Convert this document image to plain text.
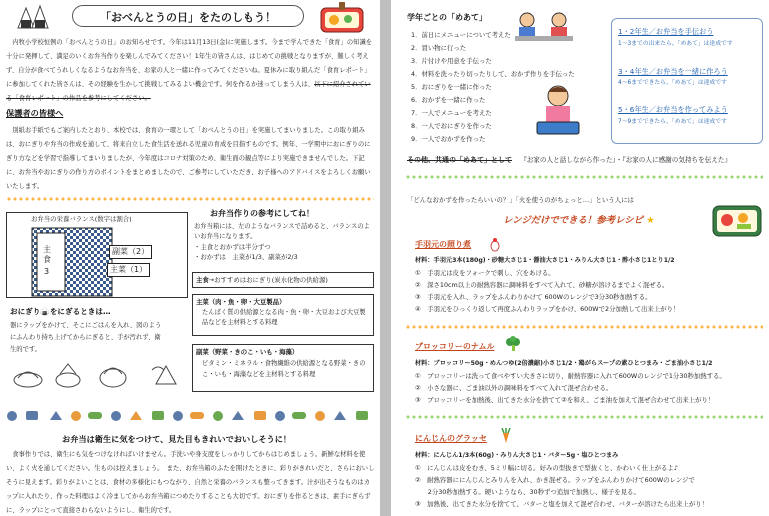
「おべんとうの日」をたのしもう！
内牧小学校恒例の「おべんとうの日」のお知らせです。今年は11月13日(金)に実施します。今まで学んできた「食育」の知識を十分に発揮して、満足のいくお弁当作りを楽しんでみてください！1年生の皆さんは、はじめての挑戦となりますが、難しく考えず、自分が食べてうれしくなるようなお弁当を、お家の人と一緒に作ってみてくださいね。夏休みに取り組んだ「食育レポート」に参加してくれた皆さんは、その経験を生かして挑戦してみるよい機会です。何を作るか迷ってしまう人は、以下に紹介されている「食育レポート」の作品を参考にしてください。
保護者の皆様へ
別紙お手紙でもご案内したとおり、本校では、食育の一環として「おべんとうの日」を実施してまいりました。この取り組みは、おにぎりや弁当の作成を通して、将来自立した食生活を送れる児童の育成を目指すものです。例年、一学期中におにぎりのにぎり方などを学習で指導してまいりましたが、今年度はコロナ対策のため、衛生面の観点等により実施できませんでした。下記に、お弁当やおにぎりの作り方のポイントをまとめましたので、ご参考にしていただき、お子様へのアドバイスをよろしくお願いいたします。
お弁当の栄養バランス(数字は割合)
主食
3
副菜（2）
主菜（1）
おにぎり🍙をにぎるときは…
器にラップをかけて、そこにごはんを入れ、図のようにふんわり持ち上げてからにぎると、手が汚れず、衛生的です。
お弁当作りの参考にしてね！
お弁当箱には、左のようなバランスで詰めると、バランスのよいお弁当になります。
・主食とおかずは半分ずつ
・おかずは　主菜が1/3、副菜が2/3
主食→おすすめはおにぎり(炭水化物の供給源)
主菜（肉・魚・卵・大豆製品）
たんぱく質の供給源となる肉・魚・卵・大豆および大豆製品などを主材料とする料理
副菜（野菜・きのこ・いも・海藻）
ビタミン・ミネラル・食物繊維の供給源となる野菜・きのこ・いも・海藻などを主材料とする料理
お弁当は衛生に気をつけて、見た目もきれいでおいしそうに！
食事作りでは、衛生にも気をつけなければいけません。手洗いや身支度をしっかりしてからはじめましょう。新鮮な材料を使い、よく火を通してください。生ものは控えましょう。　また、お弁当箱のふたを開けたときに、彩りがきれいだと、さらにおいしそうに見えます。彩りがよいことは、食材の多様化にもつながり、自然と栄養のバランスも整ってきます。汁が出そうなものはカップに入れたり、作った料理はよく冷ましてからお弁当箱につめたりすることも大切です。おにぎりを作るときは、素手にぎらずに、ラップにとって直接さわらないようにし、衛生的です。
学年ごとの「めあて」
1．前日にメニューについて考えた
2．買い物に行った
3．片付けや用意を手伝った
4．材料を洗ったり切ったりして、おかず作りを手伝った
5．おにぎりを一緒に作った
6．おかずを一緒に作った
7．一人でメニューを考えた
8．一人でおにぎりを作った
9．一人でおかずを作った
1・2年生／お弁当を手伝おう
1～3までの出来たら、「めあて」は達成です
3・4年生／お弁当を一緒に作ろう
4～6までできたら、「めあて」は達成です
5・6年生／お弁当を作ってみよう
7～9までできたら、「めあて」は達成です
その他、共通の「めあて」として 『お家の人と話しながら作った』・『お家の人に感謝の気持ちを伝えた』
「どんなおかずを作ったらいいの？」「火を使うのがちょっと…」という人には
レンジだけでできる！参考レシピ ★
手羽元の照り煮
材料：手羽元3本(180g)・砂糖大さじ1・醤油大さじ1・みりん大さじ1・酢小さじ1とり1/2
①　手羽元は皮をフォークで刺し、穴をあける。
②　深さ10cm以上の耐熱容器に調味料をすべて入れて、砂糖が溶けるまでよく混ぜる。
③　手羽元を入れ、ラップをふんわりかけて 600Wのレンジで3分30秒加熱する。
④　手羽元をひっくり返して再度ふんわりラップをかけ、600Wで2分加熱して出来上がり！
ブロッコリーのナムル
材料：ブロッコリー50g・めんつゆ(2倍濃縮)小さじ1/2・鶏がらスープの素ひとつまみ・ごま油小さじ1/2
①　ブロッコリーは洗って食べやすい大きさに切り、耐熱容器に入れて600Wのレンジで1分30秒加熱する。
②　小さな器に、ごま油以外の調味料をすべて入れて混ぜ合わせる。
③　ブロッコリーを加熱後、出てきた水分を捨てて②を和え、ごま油を加えて混ぜ合わせて出来上がり！
にんじんのグラッセ
材料：にんじん1/3本(60g)・みりん大さじ1・バター5g・塩ひとつまみ
①　にんじんは皮をむき、5ミリ幅に切る。好みの型抜きで型抜くと、かわいく仕上がるよ♪
②　耐熱容器ににんじんとみりんを入れ、かき混ぜる。ラップをふんわりかけて600Wのレンジで
　　2分30秒加熱する。硬いようなら、30秒ずつ追加で加熱し、様子を見る。
③　加熱後、出てきた水分を捨てて、バターと塩を加えて混ぜ合わせ、バターが溶けたら出来上がり！
